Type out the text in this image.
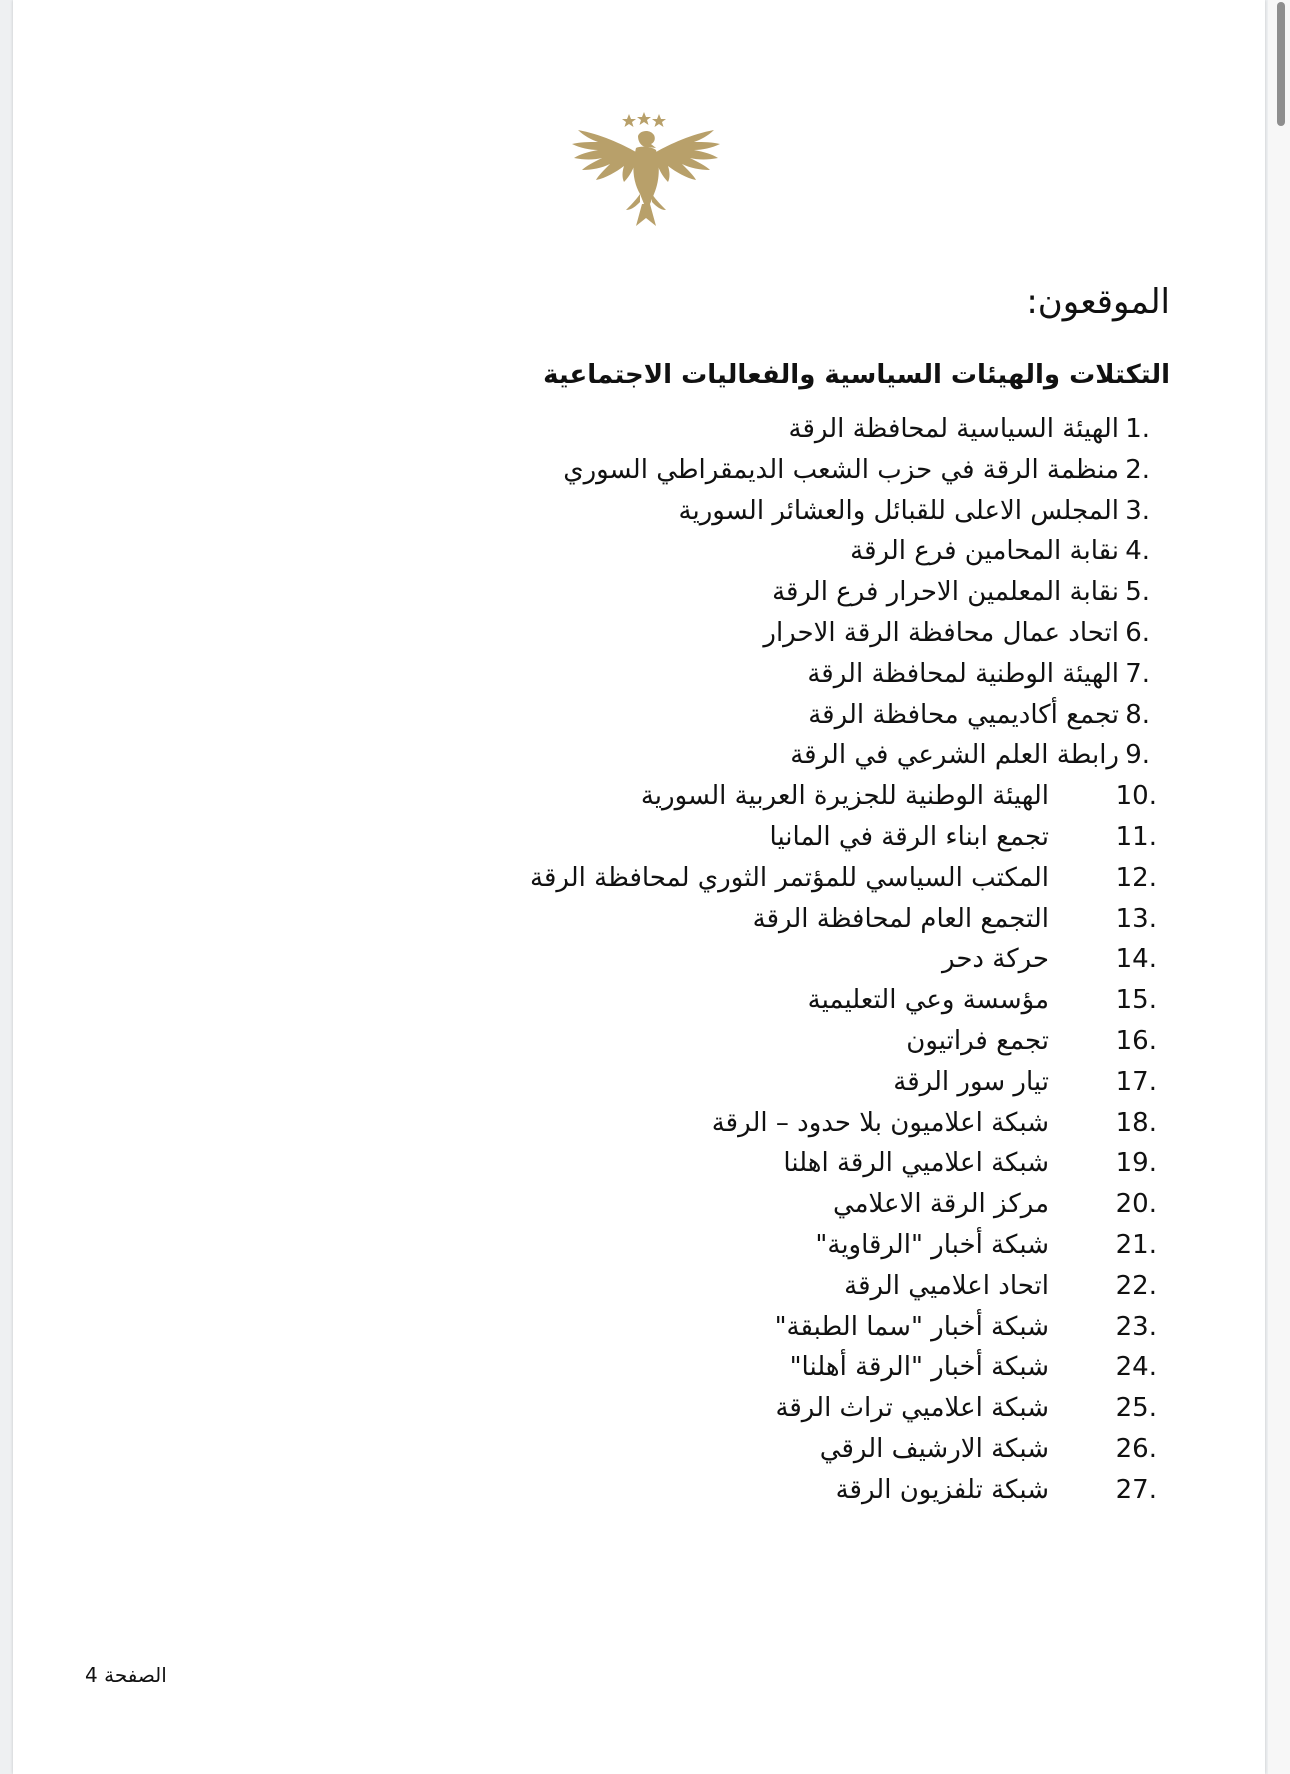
الموقعون:
التكتلات والهيئات السياسية والفعاليات الاجتماعية
1.
الهيئة السياسية لمحافظة الرقة
2.
منظمة الرقة في حزب الشعب الديمقراطي السوري
3.
المجلس الاعلى للقبائل والعشائر السورية
4.
نقابة المحامين فرع الرقة
5.
نقابة المعلمين الاحرار فرع الرقة
6.
اتحاد عمال محافظة الرقة الاحرار
7.
الهيئة الوطنية لمحافظة الرقة
8.
تجمع أكاديميي محافظة الرقة
9.
رابطة العلم الشرعي في الرقة
10.
الهيئة الوطنية للجزيرة العربية السورية
11.
تجمع ابناء الرقة في المانيا
12.
المكتب السياسي للمؤتمر الثوري لمحافظة الرقة
13.
التجمع العام لمحافظة الرقة
14.
حركة دحر
15.
مؤسسة وعي التعليمية
16.
تجمع فراتيون
17.
تيار سور الرقة
18.
شبكة اعلاميون بلا حدود – الرقة
19.
شبكة اعلاميي الرقة اهلنا
20.
مركز الرقة الاعلامي
21.
شبكة أخبار "الرقاوية"
22.
اتحاد اعلاميي الرقة
23.
شبكة أخبار "سما الطبقة"
24.
شبكة أخبار "الرقة أهلنا"
25.
شبكة اعلاميي تراث الرقة
26.
شبكة الارشيف الرقي
27.
شبكة تلفزيون الرقة
الصفحة 4
